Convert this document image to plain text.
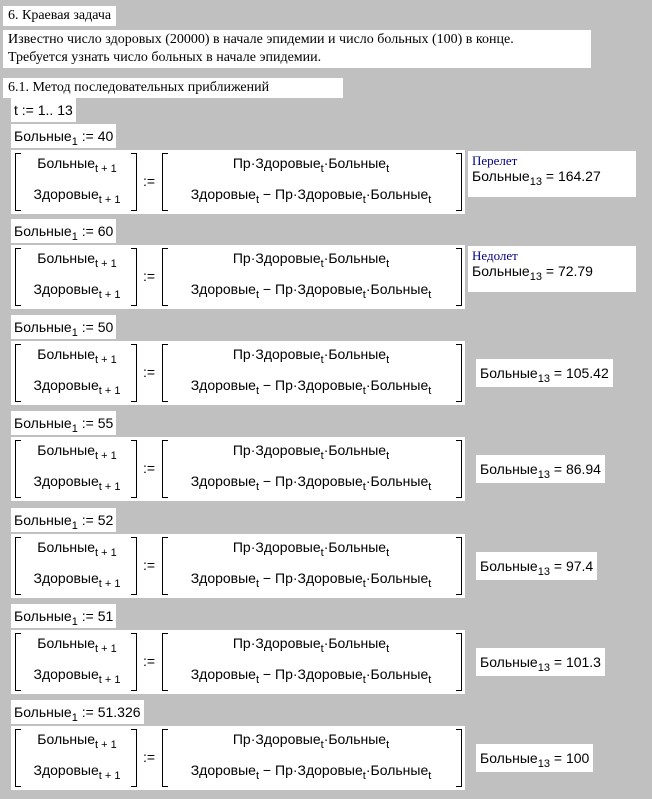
6. Краевая задача
Известно число здоровых (20000) в начале эпидемии и число больных (100) в конце.
Требуется узнать число больных в начале эпидемии.
6.1. Метод последовательных приближений
t := 1.. 13
Больные$_1$ := 40
Больные$_{t + 1}$
Здоровые$_{t + 1}$
:=
Пр·Здоровые$_t$·Больные$_t$
Здоровые$_t$ − Пр·Здоровые$_t$·Больные$_t$
Перелет
Больные$_{13}$ = 164.27
Больные$_1$ := 60
Больные$_{t + 1}$
Здоровые$_{t + 1}$
:=
Пр·Здоровые$_t$·Больные$_t$
Здоровые$_t$ − Пр·Здоровые$_t$·Больные$_t$
Недолет
Больные$_{13}$ = 72.79
Больные$_1$ := 50
Больные$_{t + 1}$
Здоровые$_{t + 1}$
:=
Пр·Здоровые$_t$·Больные$_t$
Здоровые$_t$ − Пр·Здоровые$_t$·Больные$_t$
Больные$_{13}$ = 105.42
Больные$_1$ := 55
Больные$_{t + 1}$
Здоровые$_{t + 1}$
:=
Пр·Здоровые$_t$·Больные$_t$
Здоровые$_t$ − Пр·Здоровые$_t$·Больные$_t$
Больные$_{13}$ = 86.94
Больные$_1$ := 52
Больные$_{t + 1}$
Здоровые$_{t + 1}$
:=
Пр·Здоровые$_t$·Больные$_t$
Здоровые$_t$ − Пр·Здоровые$_t$·Больные$_t$
Больные$_{13}$ = 97.4
Больные$_1$ := 51
Больные$_{t + 1}$
Здоровые$_{t + 1}$
:=
Пр·Здоровые$_t$·Больные$_t$
Здоровые$_t$ − Пр·Здоровые$_t$·Больные$_t$
Больные$_{13}$ = 101.3
Больные$_1$ := 51.326
Больные$_{t + 1}$
Здоровые$_{t + 1}$
:=
Пр·Здоровые$_t$·Больные$_t$
Здоровые$_t$ − Пр·Здоровые$_t$·Больные$_t$
Больные$_{13}$ = 100
